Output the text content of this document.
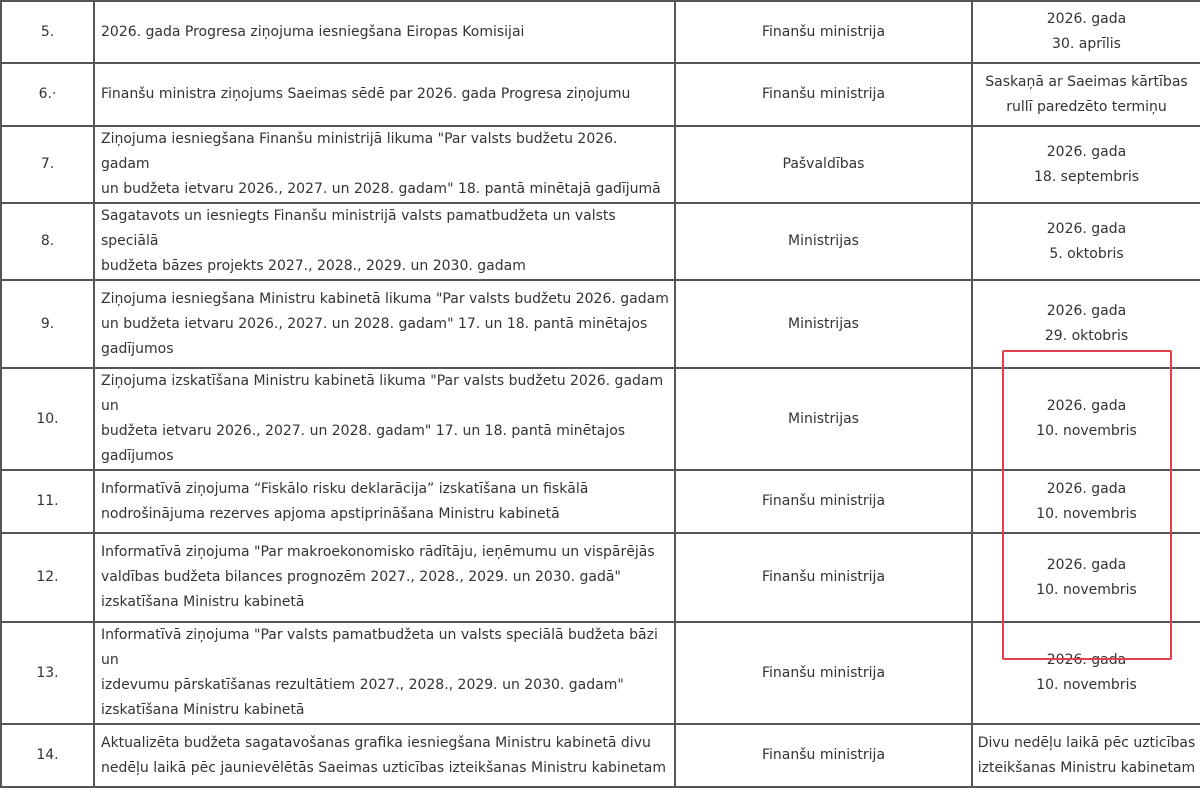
5.	2026. gada Progresa ziņojuma iesniegšana Eiropas Komisijai	Finanšu ministrija	2026. gada
30. aprīlis

6.·	Finanšu ministra ziņojums Saeimas sēdē par 2026. gada Progresa ziņojumu	Finanšu ministrija	Saskaņā ar Saeimas kārtības
rullī paredzēto termiņu

7.	Ziņojuma iesniegšana Finanšu ministrijā likuma "Par valsts budžetu 2026. gadam
un budžeta ietvaru 2026., 2027. un 2028. gadam" 18. pantā minētajā gadījumā	Pašvaldības	2026. gada
18. septembris

8.	Sagatavots un iesniegts Finanšu ministrijā valsts pamatbudžeta un valsts speciālā
budžeta bāzes projekts 2027., 2028., 2029. un 2030. gadam	Ministrijas	2026. gada
5. oktobris

9.	Ziņojuma iesniegšana Ministru kabinetā likuma "Par valsts budžetu 2026. gadam
un budžeta ietvaru 2026., 2027. un 2028. gadam" 17. un 18. pantā minētajos
gadījumos	Ministrijas	2026. gada
29. oktobris

10.	Ziņojuma izskatīšana Ministru kabinetā likuma "Par valsts budžetu 2026. gadam un
budžeta ietvaru 2026., 2027. un 2028. gadam" 17. un 18. pantā minētajos
gadījumos	Ministrijas	2026. gada
10. novembris

11.	Informatīvā ziņojuma “Fiskālo risku deklarācija” izskatīšana un fiskālā
nodrošinājuma rezerves apjoma apstiprināšana Ministru kabinetā	Finanšu ministrija	2026. gada
10. novembris

12.	Informatīvā ziņojuma "Par makroekonomisko rādītāju, ieņēmumu un vispārējās
valdības budžeta bilances prognozēm 2027., 2028., 2029. un 2030. gadā"
izskatīšana Ministru kabinetā	Finanšu ministrija	2026. gada
10. novembris

13.	Informatīvā ziņojuma "Par valsts pamatbudžeta un valsts speciālā budžeta bāzi un
izdevumu pārskatīšanas rezultātiem 2027., 2028., 2029. un 2030. gadam"
izskatīšana Ministru kabinetā	Finanšu ministrija	2026. gada
10. novembris

14.	Aktualizēta budžeta sagatavošanas grafika iesniegšana Ministru kabinetā divu
nedēļu laikā pēc jaunievēlētās Saeimas uzticības izteikšanas Ministru kabinetam	Finanšu ministrija	Divu nedēļu laikā pēc uzticības
izteikšanas Ministru kabinetam
